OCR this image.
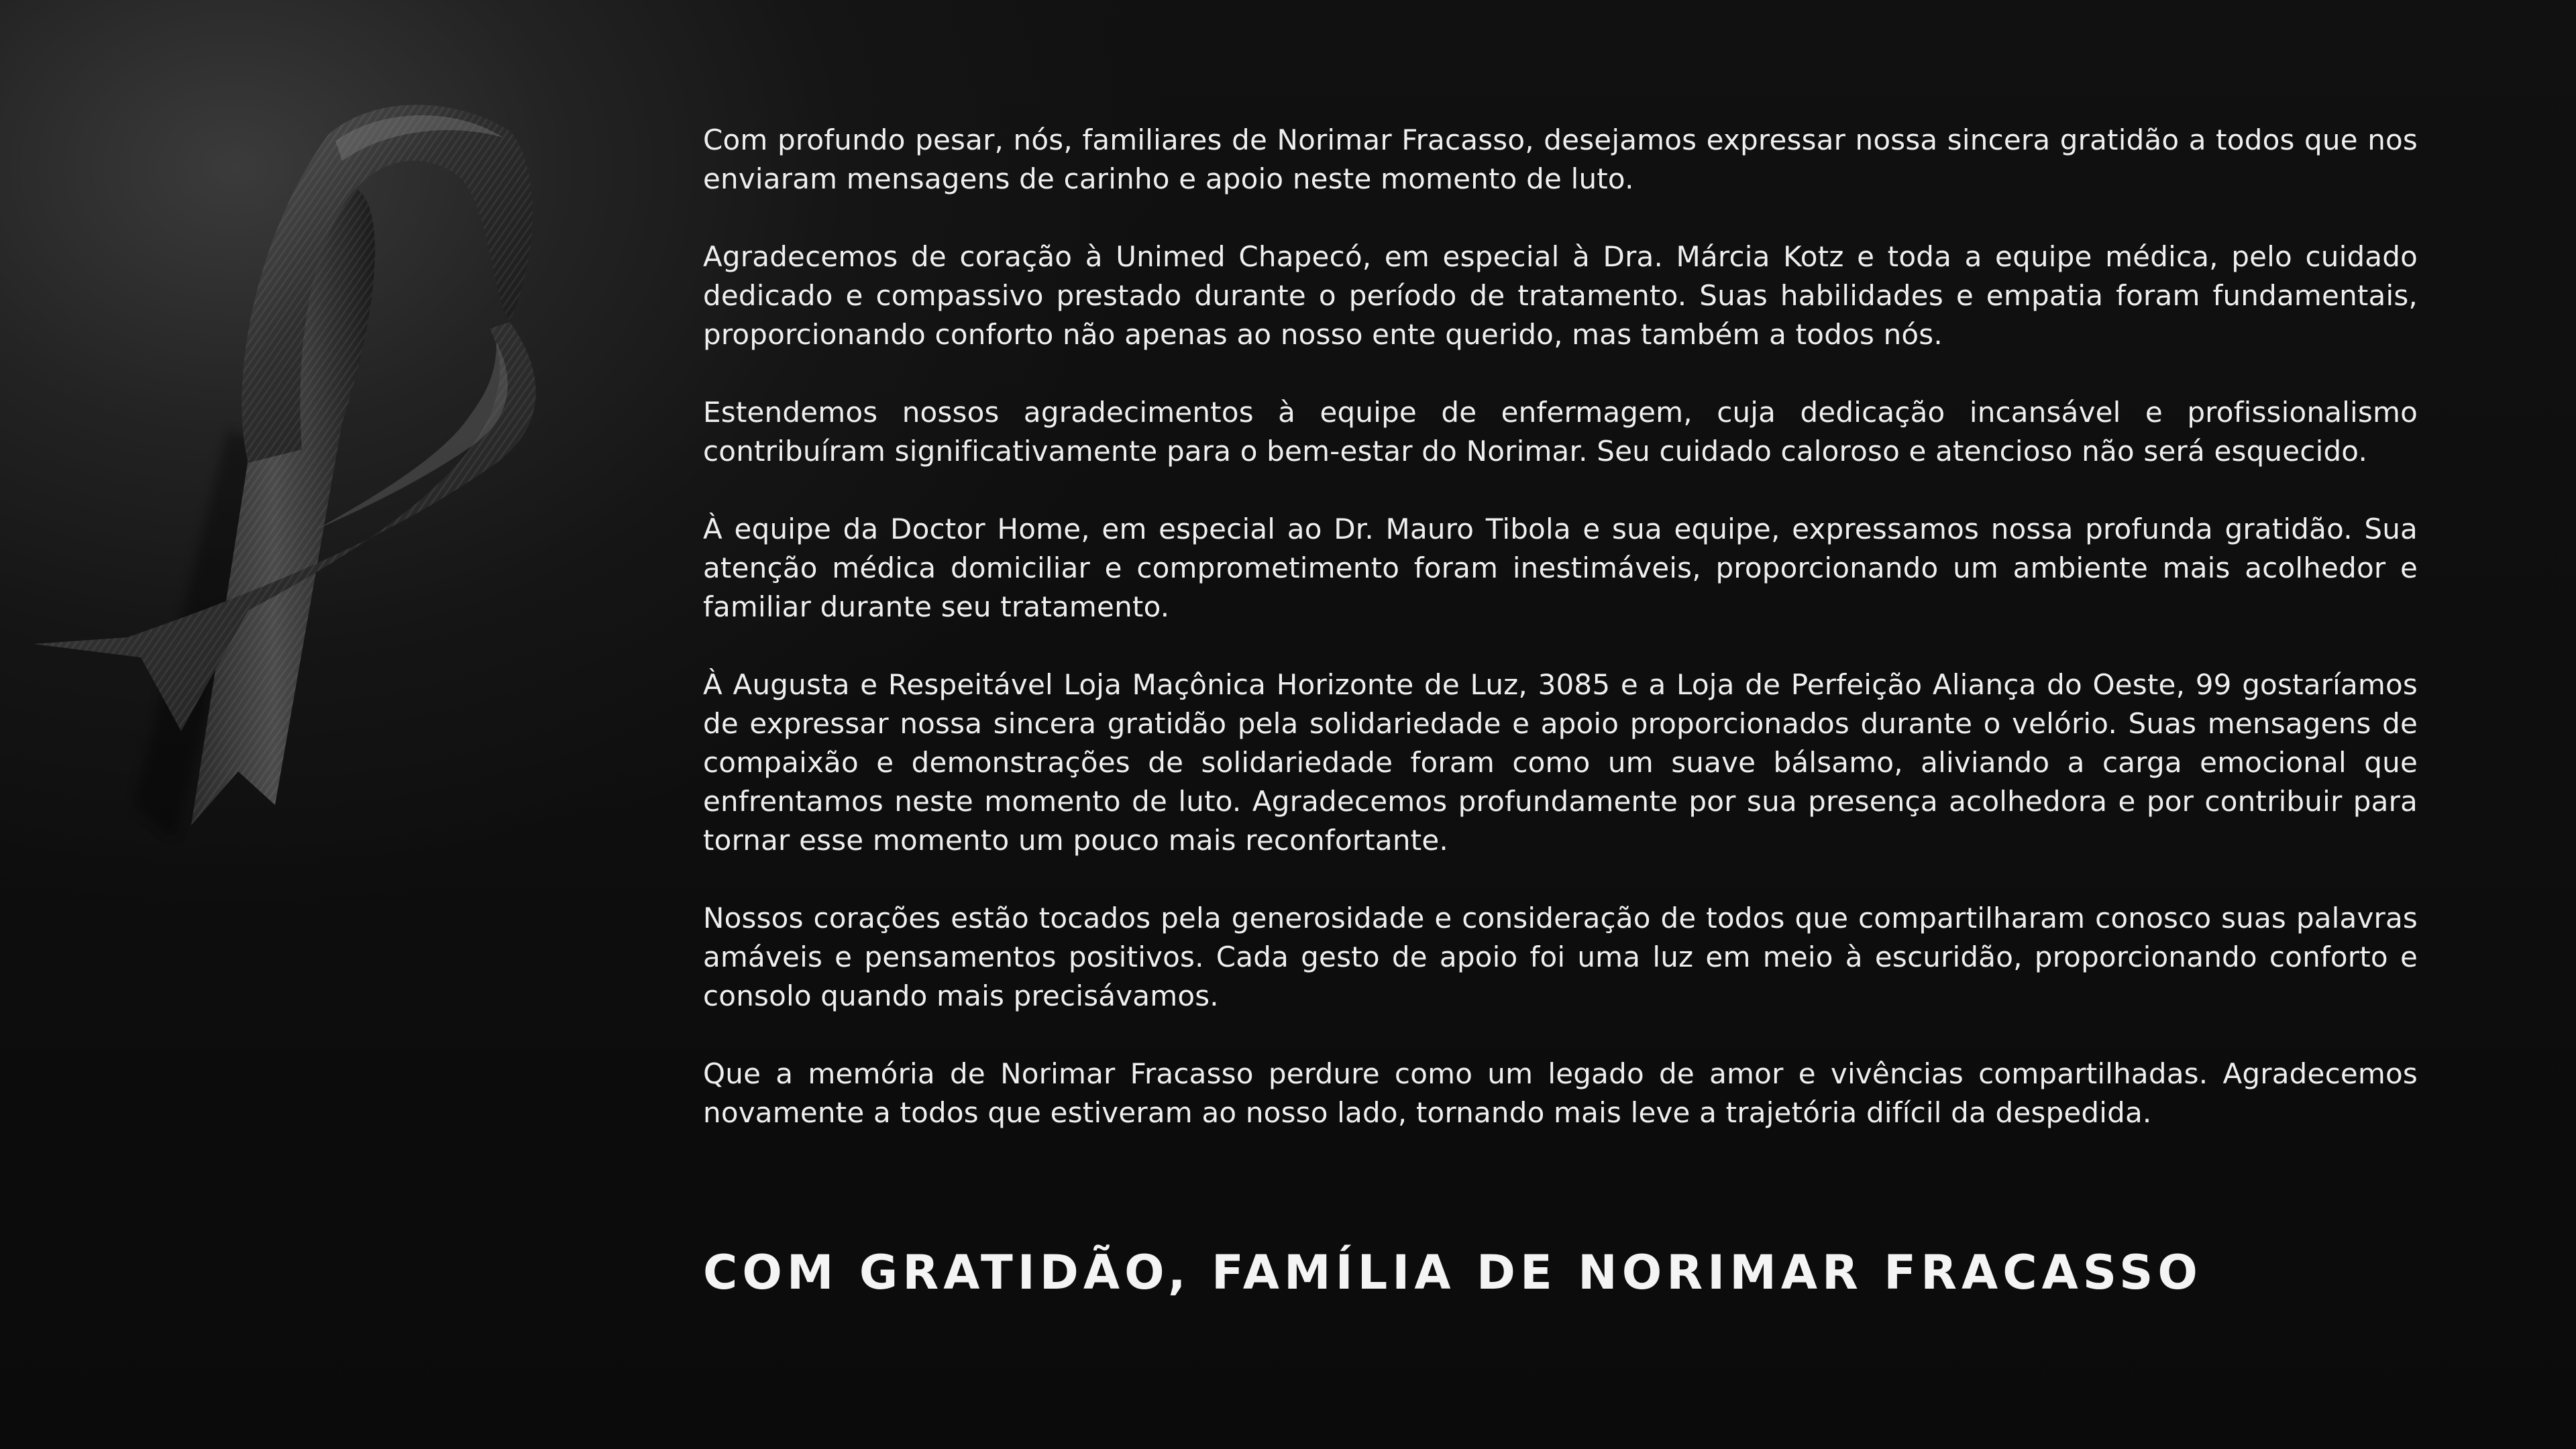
Com profundo pesar, nós, familiares de Norimar Fracasso, desejamos expressar nossa sincera gratidão a todos que nos enviaram mensagens de carinho e apoio neste momento de luto.

Agradecemos de coração à Unimed Chapecó, em especial à Dra. Márcia Kotz e toda a equipe médica, pelo cuidado dedicado e compassivo prestado durante o período de tratamento. Suas habilidades e empatia foram fundamentais, proporcionando conforto não apenas ao nosso ente querido, mas também a todos nós.

Estendemos nossos agradecimentos à equipe de enfermagem, cuja dedicação incansável e profissionalismo contribuíram significativamente para o bem-estar do Norimar. Seu cuidado caloroso e atencioso não será esquecido.

À equipe da Doctor Home, em especial ao Dr. Mauro Tibola e sua equipe, expressamos nossa profunda gratidão. Sua atenção médica domiciliar e comprometimento foram inestimáveis, proporcionando um ambiente mais acolhedor e familiar durante seu tratamento.

À Augusta e Respeitável Loja Maçônica Horizonte de Luz, 3085 e a Loja de Perfeição Aliança do Oeste, 99 gostaríamos de expressar nossa sincera gratidão pela solidariedade e apoio proporcionados durante o velório. Suas mensagens de compaixão e demonstrações de solidariedade foram como um suave bálsamo, aliviando a carga emocional que enfrentamos neste momento de luto. Agradecemos profundamente por sua presença acolhedora e por contribuir para tornar esse momento um pouco mais reconfortante.

Nossos corações estão tocados pela generosidade e consideração de todos que compartilharam conosco suas palavras amáveis e pensamentos positivos. Cada gesto de apoio foi uma luz em meio à escuridão, proporcionando conforto e consolo quando mais precisávamos.

Que a memória de Norimar Fracasso perdure como um legado de amor e vivências compartilhadas. Agradecemos novamente a todos que estiveram ao nosso lado, tornando mais leve a trajetória difícil da despedida.

COM GRATIDÃO, FAMÍLIA DE NORIMAR FRACASSO
